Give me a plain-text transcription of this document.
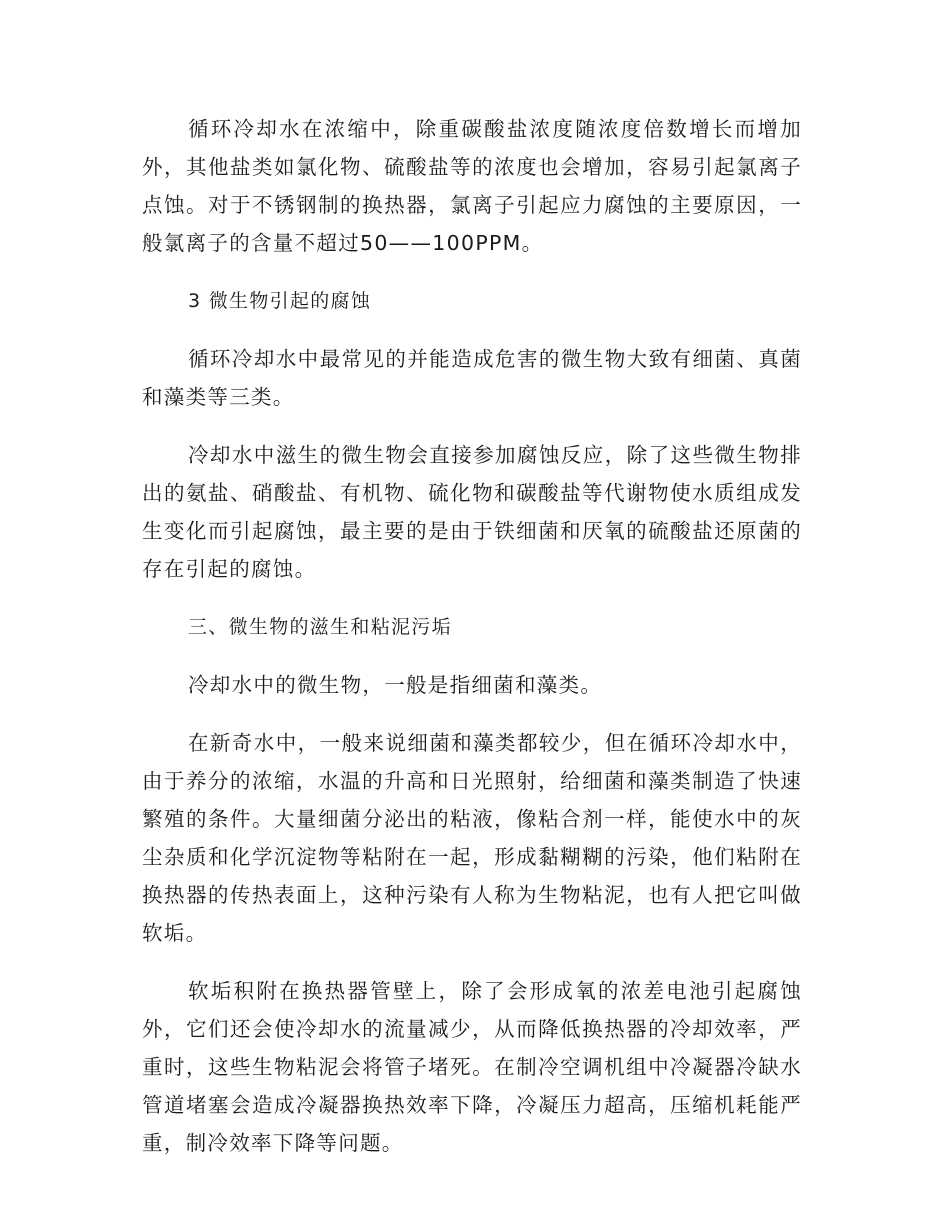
循环冷却水在浓缩中，除重碳酸盐浓度随浓度倍数增长而增加外，其他盐类如氯化物、硫酸盐等的浓度也会增加，容易引起氯离子点蚀。对于不锈钢制的换热器，氯离子引起应力腐蚀的主要原因，一般氯离子的含量不超过50——100PPM。

3 微生物引起的腐蚀

循环冷却水中最常见的并能造成危害的微生物大致有细菌、真菌和藻类等三类。

冷却水中滋生的微生物会直接参加腐蚀反应，除了这些微生物排出的氨盐、硝酸盐、有机物、硫化物和碳酸盐等代谢物使水质组成发生变化而引起腐蚀，最主要的是由于铁细菌和厌氧的硫酸盐还原菌的存在引起的腐蚀。

三、微生物的滋生和粘泥污垢

冷却水中的微生物，一般是指细菌和藻类。

在新奇水中，一般来说细菌和藻类都较少，但在循环冷却水中，由于养分的浓缩，水温的升高和日光照射，给细菌和藻类制造了快速繁殖的条件。大量细菌分泌出的粘液，像粘合剂一样，能使水中的灰尘杂质和化学沉淀物等粘附在一起，形成黏糊糊的污染，他们粘附在换热器的传热表面上，这种污染有人称为生物粘泥，也有人把它叫做软垢。

软垢积附在换热器管壁上，除了会形成氧的浓差电池引起腐蚀外，它们还会使冷却水的流量减少，从而降低换热器的冷却效率，严重时，这些生物粘泥会将管子堵死。在制冷空调机组中冷凝器冷缺水管道堵塞会造成冷凝器换热效率下降，冷凝压力超高，压缩机耗能严重，制冷效率下降等问题。
